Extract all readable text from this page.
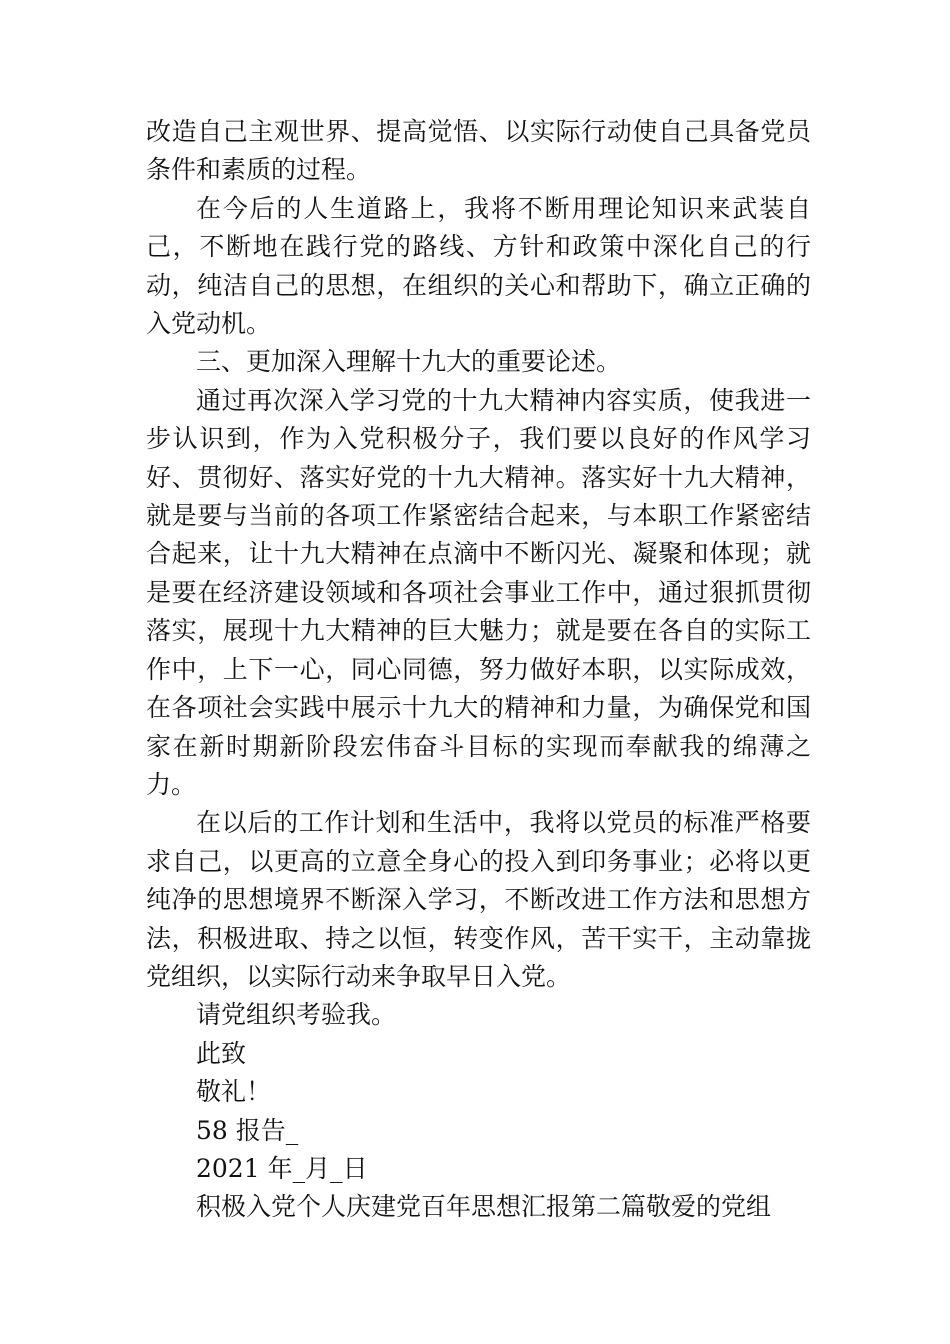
改造自己主观世界、提高觉悟、以实际行动使自己具备党员条件和素质的过程。

在今后的人生道路上，我将不断用理论知识来武装自己，不断地在践行党的路线、方针和政策中深化自己的行动，纯洁自己的思想，在组织的关心和帮助下，确立正确的入党动机。

三、更加深入理解十九大的重要论述。

通过再次深入学习党的十九大精神内容实质，使我进一步认识到，作为入党积极分子，我们要以良好的作风学习好、贯彻好、落实好党的十九大精神。落实好十九大精神，就是要与当前的各项工作紧密结合起来，与本职工作紧密结合起来，让十九大精神在点滴中不断闪光、凝聚和体现；就是要在经济建设领域和各项社会事业工作中，通过狠抓贯彻落实，展现十九大精神的巨大魅力；就是要在各自的实际工作中，上下一心，同心同德，努力做好本职，以实际成效，在各项社会实践中展示十九大的精神和力量，为确保党和国家在新时期新阶段宏伟奋斗目标的实现而奉献我的绵薄之力。

在以后的工作计划和生活中，我将以党员的标准严格要求自己，以更高的立意全身心的投入到印务事业；必将以更纯净的思想境界不断深入学习，不断改进工作方法和思想方法，积极进取、持之以恒，转变作风，苦干实干，主动靠拢党组织，以实际行动来争取早日入党。

请党组织考验我。

此致

敬礼！

58 报告_

2021 年_月_日

积极入党个人庆建党百年思想汇报第二篇敬爱的党组
